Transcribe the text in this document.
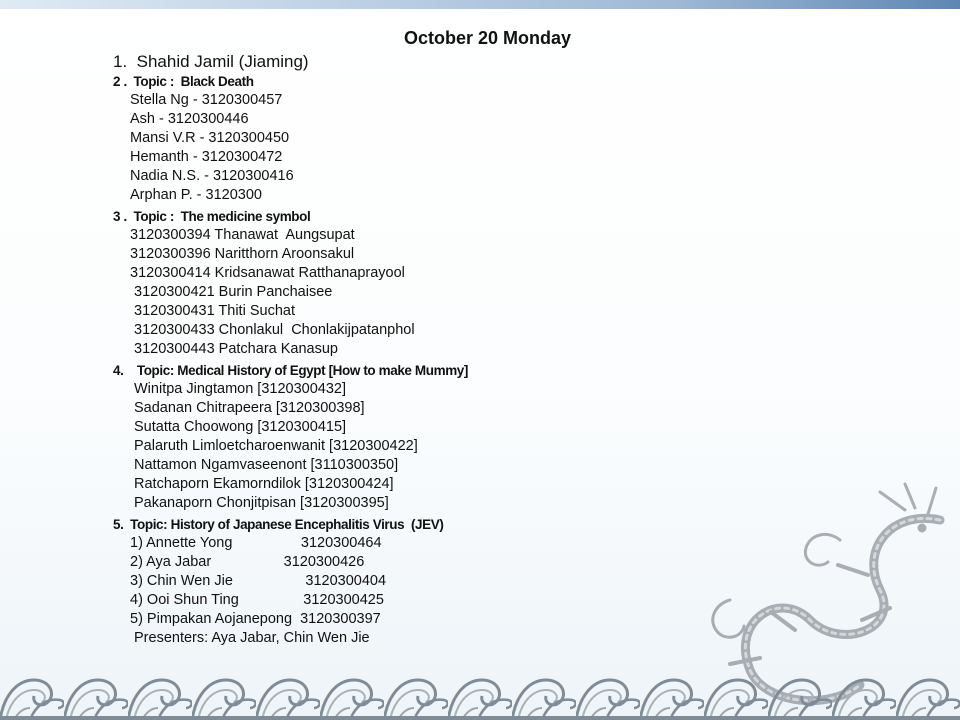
October 20 Monday
1.  Shahid Jamil (Jiaming)
2 .  Topic :  Black Death
Stella Ng - 3120300457
Ash - 3120300446
Mansi V.R - 3120300450
Hemanth - 3120300472
Nadia N.S. - 3120300416
Arphan P. - 3120300
3 .  Topic :  The medicine symbol
3120300394 Thanawat  Aungsupat
3120300396 Naritthorn Aroonsakul
3120300414 Kridsanawat Ratthanaprayool
3120300421 Burin Panchaisee
3120300431 Thiti Suchat
3120300433 Chonlakul  Chonlakijpatanphol
3120300443 Patchara Kanasup
4.    Topic: Medical History of Egypt [How to make Mummy]
Winitpa Jingtamon [3120300432]
Sadanan Chitrapeera [3120300398]
Sutatta Choowong [3120300415]
Palaruth Limloetcharoenwanit [3120300422]
Nattamon Ngamvaseenont [3110300350]
Ratchaporn Ekamorndilok [3120300424]
Pakanaporn Chonjitpisan [3120300395]
5.  Topic: History of Japanese Encephalitis Virus  (JEV)
1) Annette Yong                 3120300464
2) Aya Jabar                  3120300426
3) Chin Wen Jie                  3120300404
4) Ooi Shun Ting                3120300425
5) Pimpakan Aojanepong  3120300397
Presenters: Aya Jabar, Chin Wen Jie
